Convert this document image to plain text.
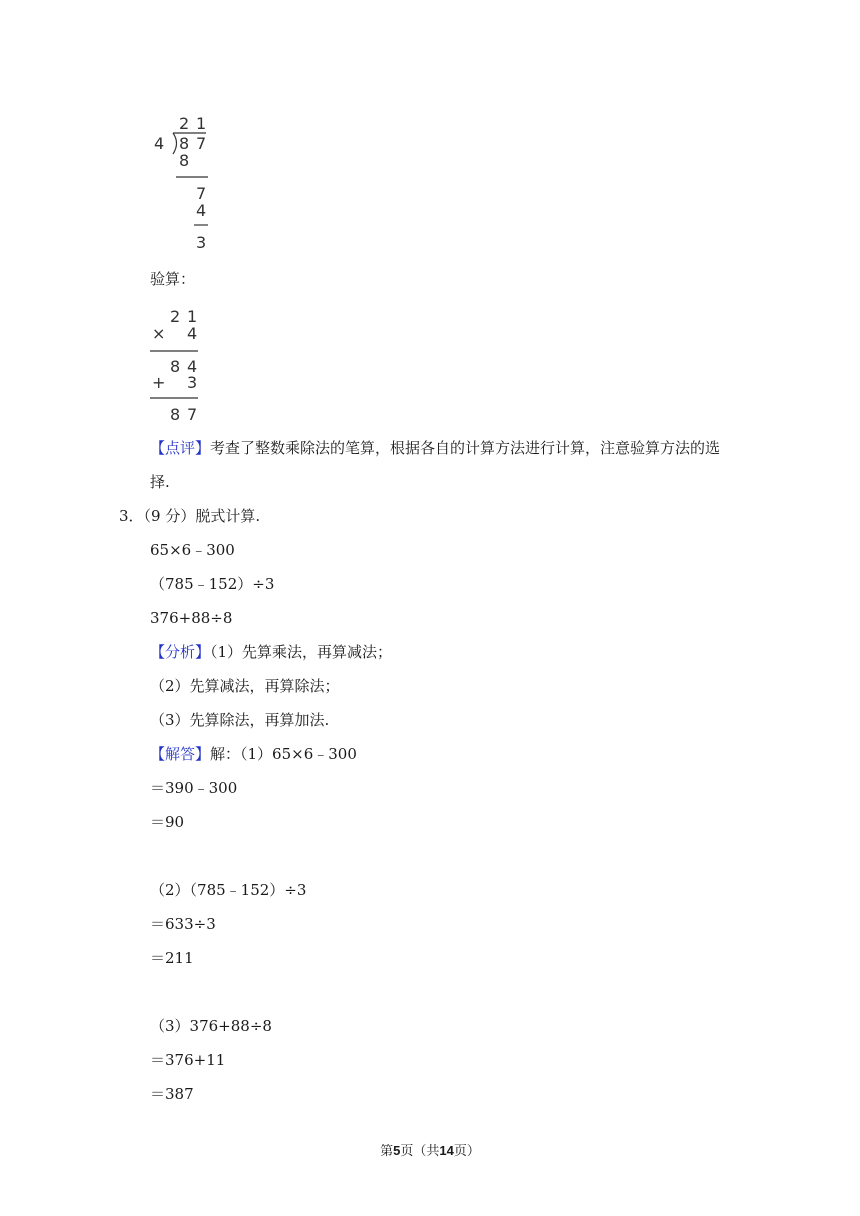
2 1
4 8 7
8
7
4
3
验算：
2 1
× 4
8 4
+ 3
8 7
【点评】考查了整数乘除法的笔算，根据各自的计算方法进行计算，注意验算方法的选
择.
3．（9 分）脱式计算.
65×6﹣300
（785﹣152）÷3
376+88÷8
【分析】（1）先算乘法，再算减法；
（2）先算减法，再算除法；
（3）先算除法，再算加法.
【解答】解：（1）65×6﹣300
＝390﹣300
＝90
（2）（785﹣152）÷3
＝633÷3
＝211
（3）376+88÷8
＝376+11
＝387
第5页（共14页）
